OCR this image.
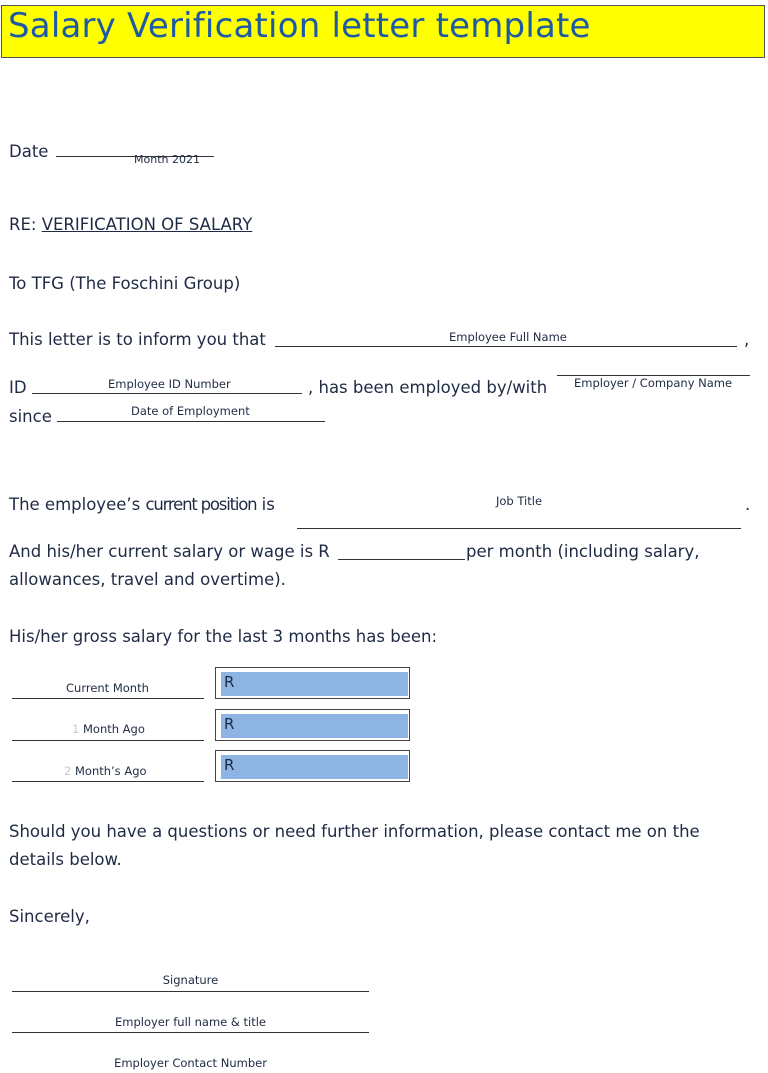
Salary Verification letter template
Date	Month 2021
RE: VERIFICATION OF SALARY
To TFG (The Foschini Group)
This letter is to inform you that	Employee Full Name	,
ID	Employee ID Number	, has been employed by/with Employer / Company Name
since	Date of Employment
The employee’s current position is	Job Title	.
And his/her current salary or wage is R	per month (including salary,
allowances, travel and overtime).
His/her gross salary for the last 3 months has been:
Current Month	R
1 Month Ago	R
2 Month’s Ago	R
Should you have a questions or need further information, please contact me on the
details below.
Sincerely,
Signature
Employer full name & title
Employer Contact Number
